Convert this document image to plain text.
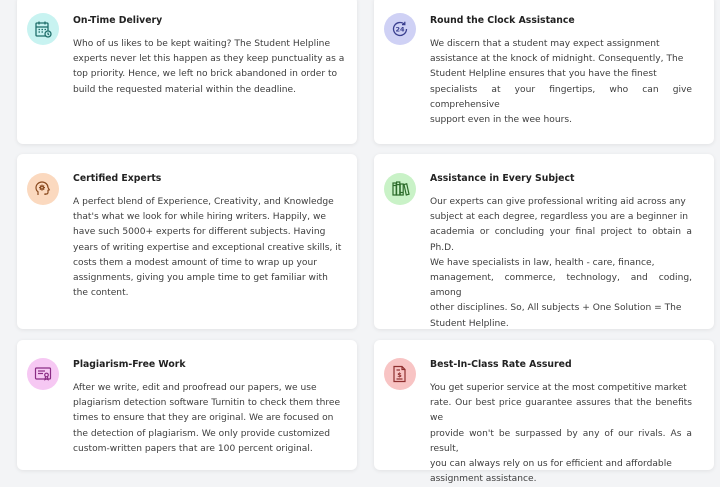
On-Time Delivery
Who of us likes to be kept waiting? The Student Helpline
experts never let this happen as they keep punctuality as a
top priority. Hence, we left no brick abandoned in order to
build the requested material within the deadline.
24
Round the Clock Assistance
We discern that a student may expect assignment
assistance at the knock of midnight. Consequently, The
Student Helpline ensures that you have the finest
specialists at your fingertips, who can give comprehensive
support even in the wee hours.
Certified Experts
A perfect blend of Experience, Creativity, and Knowledge
that's what we look for while hiring writers. Happily, we
have such 5000+ experts for different subjects. Having
years of writing expertise and exceptional creative skills, it
costs them a modest amount of time to wrap up your
assignments, giving you ample time to get familiar with
the content.
Assistance in Every Subject
Our experts can give professional writing aid across any
subject at each degree, regardless you are a beginner in
academia or concluding your final project to obtain a Ph.D.
We have specialists in law, health - care, finance,
management, commerce, technology, and coding, among
other disciplines. So, All subjects + One Solution = The
Student Helpline.
Plagiarism-Free Work
After we write, edit and proofread our papers, we use
plagiarism detection software Turnitin to check them three
times to ensure that they are original. We are focused on
the detection of plagiarism. We only provide customized
custom-written papers that are 100 percent original.
$
Best-In-Class Rate Assured
You get superior service at the most competitive market
rate. Our best price guarantee assures that the benefits we
provide won't be surpassed by any of our rivals. As a result,
you can always rely on us for efficient and affordable
assignment assistance.
